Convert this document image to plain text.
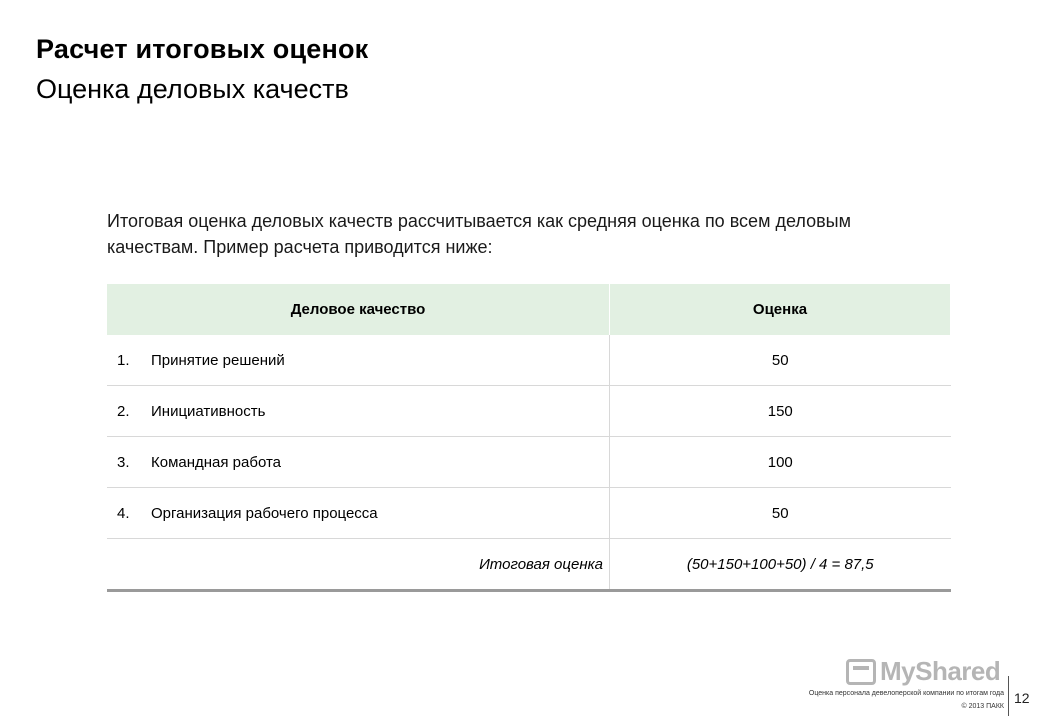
Расчет итоговых оценок
Оценка деловых качеств
Итоговая оценка деловых качеств рассчитывается как средняя оценка по всем деловым качествам. Пример расчета приводится ниже:
Деловое качество	Оценка
1. Принятие решений	50
2. Инициативность	150
3. Командная работа	100
4. Организация рабочего процесса	50
Итоговая оценка	(50+150+100+50) / 4 = 87,5
MyShared
Оценка персонала девелоперской компании по итогам года
© 2013 ПАКК
12
